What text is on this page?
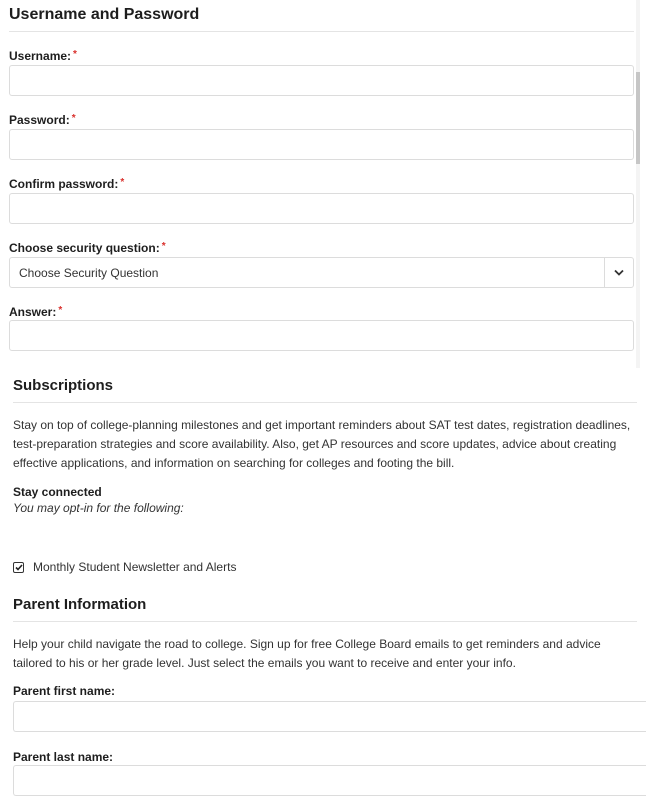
Username and Password
Username: *
Password: *
Confirm password: *
Choose security question: *
Choose Security Question
Answer: *
Subscriptions
Stay on top of college-planning milestones and get important reminders about SAT test dates, registration deadlines, test-preparation strategies and score availability. Also, get AP resources and score updates, advice about creating effective applications, and information on searching for colleges and footing the bill.
Stay connected
You may opt-in for the following:
Monthly Student Newsletter and Alerts
Parent Information
Help your child navigate the road to college. Sign up for free College Board emails to get reminders and advice tailored to his or her grade level. Just select the emails you want to receive and enter your info.
Parent first name:
Parent last name:
